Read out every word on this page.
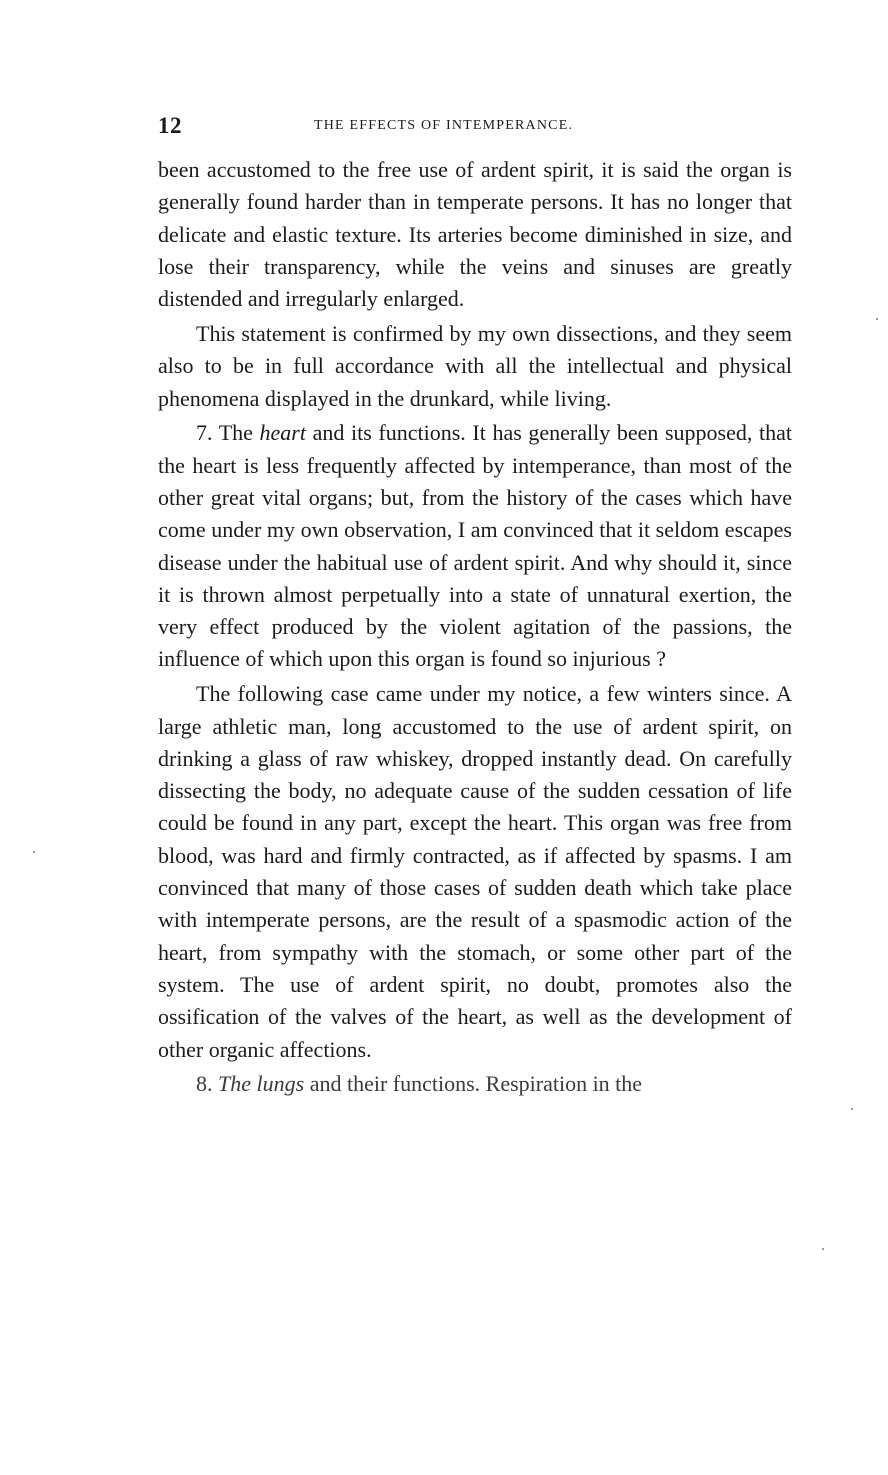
12	THE EFFECTS OF INTEMPERANCE.

been accustomed to the free use of ardent spirit, it is said the organ is generally found harder than in temperate persons. It has no longer that delicate and elastic texture. Its arteries become diminished in size, and lose their transparency, while the veins and sinuses are greatly distended and irregularly enlarged.

This statement is confirmed by my own dissections, and they seem also to be in full accordance with all the intellectual and physical phenomena displayed in the drunkard, while living.

7. The heart and its functions. It has generally been supposed, that the heart is less frequently affected by intemperance, than most of the other great vital organs; but, from the history of the cases which have come under my own observation, I am convinced that it seldom escapes disease under the habitual use of ardent spirit. And why should it, since it is thrown almost perpetually into a state of unnatural exertion, the very effect produced by the violent agitation of the passions, the influence of which upon this organ is found so injurious ?

The following case came under my notice, a few winters since. A large athletic man, long accustomed to the use of ardent spirit, on drinking a glass of raw whiskey, dropped instantly dead. On carefully dissecting the body, no adequate cause of the sudden cessation of life could be found in any part, except the heart. This organ was free from blood, was hard and firmly contracted, as if affected by spasms. I am convinced that many of those cases of sudden death which take place with intemperate persons, are the result of a spasmodic action of the heart, from sympathy with the stomach, or some other part of the system. The use of ardent spirit, no doubt, promotes also the ossification of the valves of the heart, as well as the development of other organic affections.

8. The lungs and their functions. Respiration in the
